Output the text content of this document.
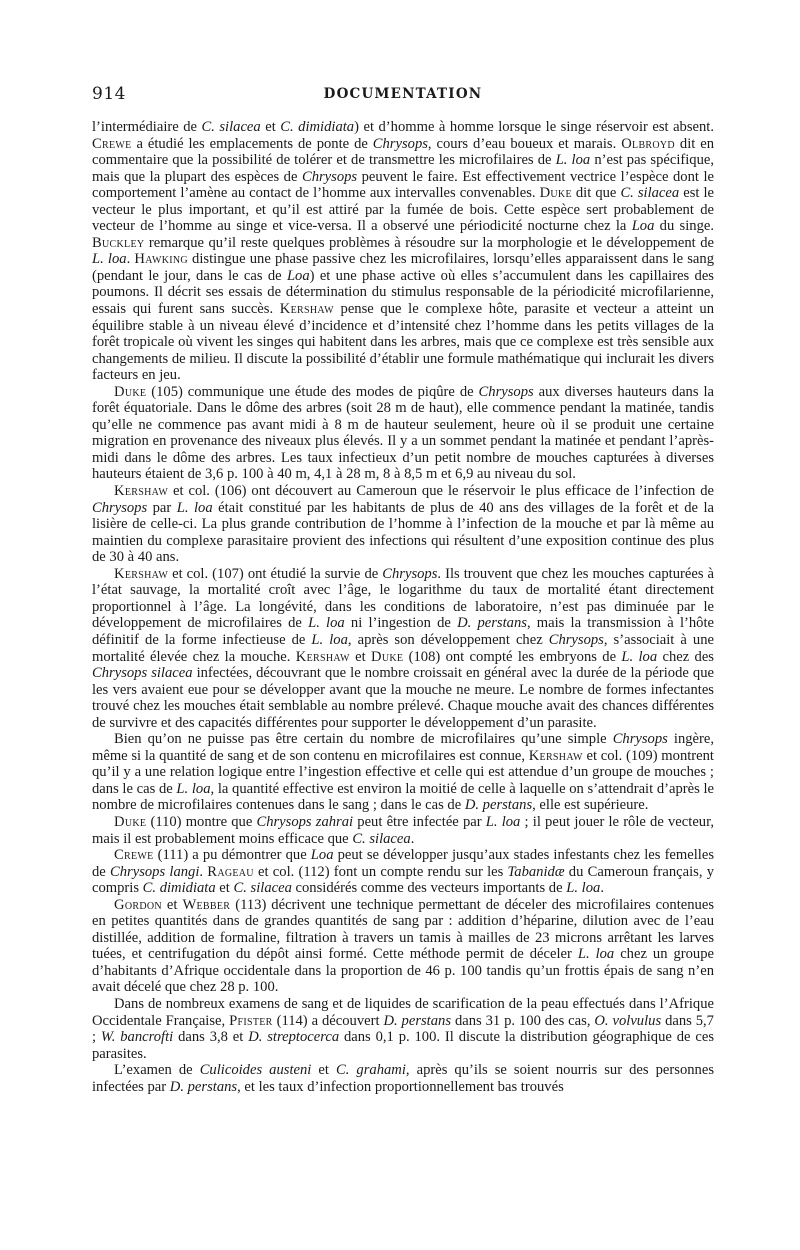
914	DOCUMENTATION

l’intermédiaire de C. silacea et C. dimidiata) et d’homme à homme lorsque le singe réservoir est absent. Crewe a étudié les emplacements de ponte de Chrysops, cours d’eau boueux et marais. Olbroyd dit en commentaire que la possibilité de tolérer et de transmettre les microfilaires de L. loa n’est pas spécifique, mais que la plupart des espèces de Chrysops peuvent le faire. Est effectivement vectrice l’espèce dont le comportement l’amène au contact de l’homme aux intervalles convenables. Duke dit que C. silacea est le vecteur le plus important, et qu’il est attiré par la fumée de bois. Cette espèce sert probablement de vecteur de l’homme au singe et vice-versa. Il a observé une périodicité nocturne chez la Loa du singe. Buckley remarque qu’il reste quelques problèmes à résoudre sur la morphologie et le développement de L. loa. Hawking distingue une phase passive chez les microfilaires, lorsqu’elles apparaissent dans le sang (pendant le jour, dans le cas de Loa) et une phase active où elles s’accumulent dans les capillaires des poumons. Il décrit ses essais de détermination du stimulus responsable de la périodicité microfilarienne, essais qui furent sans succès. Kershaw pense que le complexe hôte, parasite et vecteur a atteint un équilibre stable à un niveau élevé d’incidence et d’intensité chez l’homme dans les petits villages de la forêt tropicale où vivent les singes qui habitent dans les arbres, mais que ce complexe est très sensible aux changements de milieu. Il discute la possibilité d’établir une formule mathématique qui inclurait les divers facteurs en jeu.

Duke (105) communique une étude des modes de piqûre de Chrysops aux diverses hauteurs dans la forêt équatoriale. Dans le dôme des arbres (soit 28 m de haut), elle commence pendant la matinée, tandis qu’elle ne commence pas avant midi à 8 m de hauteur seulement, heure où il se produit une certaine migration en provenance des niveaux plus élevés. Il y a un sommet pendant la matinée et pendant l’après-midi dans le dôme des arbres. Les taux infectieux d’un petit nombre de mouches capturées à diverses hauteurs étaient de 3,6 p. 100 à 40 m, 4,1 à 28 m, 8 à 8,5 m et 6,9 au niveau du sol.

Kershaw et col. (106) ont découvert au Cameroun que le réservoir le plus efficace de l’infection de Chrysops par L. loa était constitué par les habitants de plus de 40 ans des villages de la forêt et de la lisière de celle-ci. La plus grande contribution de l’homme à l’infection de la mouche et par là même au maintien du complexe parasitaire provient des infections qui résultent d’une exposition continue des plus de 30 à 40 ans.

Kershaw et col. (107) ont étudié la survie de Chrysops. Ils trouvent que chez les mouches capturées à l’état sauvage, la mortalité croît avec l’âge, le logarithme du taux de mortalité étant directement proportionnel à l’âge. La longévité, dans les conditions de laboratoire, n’est pas diminuée par le développement de microfilaires de L. loa ni l’ingestion de D. perstans, mais la transmission à l’hôte définitif de la forme infectieuse de L. loa, après son développement chez Chrysops, s’associait à une mortalité élevée chez la mouche. Kershaw et Duke (108) ont compté les embryons de L. loa chez des Chrysops silacea infectées, découvrant que le nombre croissait en général avec la durée de la période que les vers avaient eue pour se développer avant que la mouche ne meure. Le nombre de formes infectantes trouvé chez les mouches était semblable au nombre prélevé. Chaque mouche avait des chances différentes de survivre et des capacités différentes pour supporter le développement d’un parasite.

Bien qu’on ne puisse pas être certain du nombre de microfilaires qu’une simple Chrysops ingère, même si la quantité de sang et de son contenu en microfilaires est connue, Kershaw et col. (109) montrent qu’il y a une relation logique entre l’ingestion effective et celle qui est attendue d’un groupe de mouches ; dans le cas de L. loa, la quantité effective est environ la moitié de celle à laquelle on s’attendrait d’après le nombre de microfilaires contenues dans le sang ; dans le cas de D. perstans, elle est supérieure.

Duke (110) montre que Chrysops zahrai peut être infectée par L. loa ; il peut jouer le rôle de vecteur, mais il est probablement moins efficace que C. silacea.

Crewe (111) a pu démontrer que Loa peut se développer jusqu’aux stades infestants chez les femelles de Chrysops langi. Rageau et col. (112) font un compte rendu sur les Tabanidæ du Cameroun français, y compris C. dimidiata et C. silacea considérés comme des vecteurs importants de L. loa.

Gordon et Webber (113) décrivent une technique permettant de déceler des microfilaires contenues en petites quantités dans de grandes quantités de sang par : addition d’héparine, dilution avec de l’eau distillée, addition de formaline, filtration à travers un tamis à mailles de 23 microns arrêtant les larves tuées, et centrifugation du dépôt ainsi formé. Cette méthode permit de déceler L. loa chez un groupe d’habitants d’Afrique occidentale dans la proportion de 46 p. 100 tandis qu’un frottis épais de sang n’en avait décelé que chez 28 p. 100.

Dans de nombreux examens de sang et de liquides de scarification de la peau effectués dans l’Afrique Occidentale Française, Pfister (114) a découvert D. perstans dans 31 p. 100 des cas, O. volvulus dans 5,7 ; W. bancrofti dans 3,8 et D. streptocerca dans 0,1 p. 100. Il discute la distribution géographique de ces parasites.

L’examen de Culicoides austeni et C. grahami, après qu’ils se soient nourris sur des personnes infectées par D. perstans, et les taux d’infection proportionnellement bas trouvés
